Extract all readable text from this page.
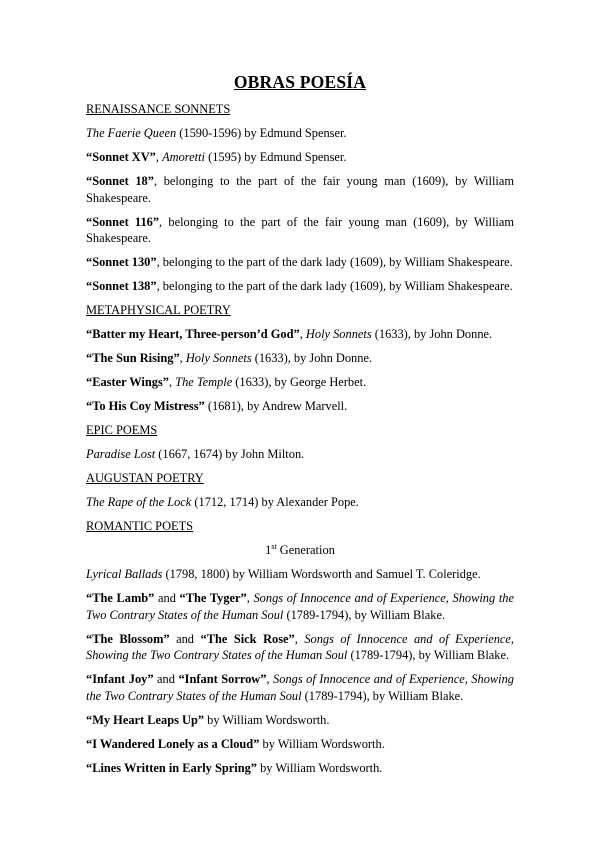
OBRAS POESÍA
RENAISSANCE SONNETS
The Faerie Queen (1590-1596) by Edmund Spenser.
“Sonnet XV”, Amoretti (1595) by Edmund Spenser.
“Sonnet 18”, belonging to the part of the fair young man (1609), by William Shakespeare.
“Sonnet 116”, belonging to the part of the fair young man (1609), by William Shakespeare.
“Sonnet 130”, belonging to the part of the dark lady (1609), by William Shakespeare.
“Sonnet 138”, belonging to the part of the dark lady (1609), by William Shakespeare.
METAPHYSICAL POETRY
“Batter my Heart, Three-person’d God”, Holy Sonnets (1633), by John Donne.
“The Sun Rising”, Holy Sonnets (1633), by John Donne.
“Easter Wings”, The Temple (1633), by George Herbet.
“To His Coy Mistress” (1681), by Andrew Marvell.
EPIC POEMS
Paradise Lost (1667, 1674) by John Milton.
AUGUSTAN POETRY
The Rape of the Lock (1712, 1714) by Alexander Pope.
ROMANTIC POETS
1st Generation
Lyrical Ballads (1798, 1800) by William Wordsworth and Samuel T. Coleridge.
“The Lamb” and “The Tyger”, Songs of Innocence and of Experience, Showing the Two Contrary States of the Human Soul (1789-1794), by William Blake.
“The Blossom” and “The Sick Rose”, Songs of Innocence and of Experience, Showing the Two Contrary States of the Human Soul (1789-1794), by William Blake.
“Infant Joy” and “Infant Sorrow”, Songs of Innocence and of Experience, Showing the Two Contrary States of the Human Soul (1789-1794), by William Blake.
“My Heart Leaps Up” by William Wordsworth.
“I Wandered Lonely as a Cloud” by William Wordsworth.
“Lines Written in Early Spring” by William Wordsworth.
